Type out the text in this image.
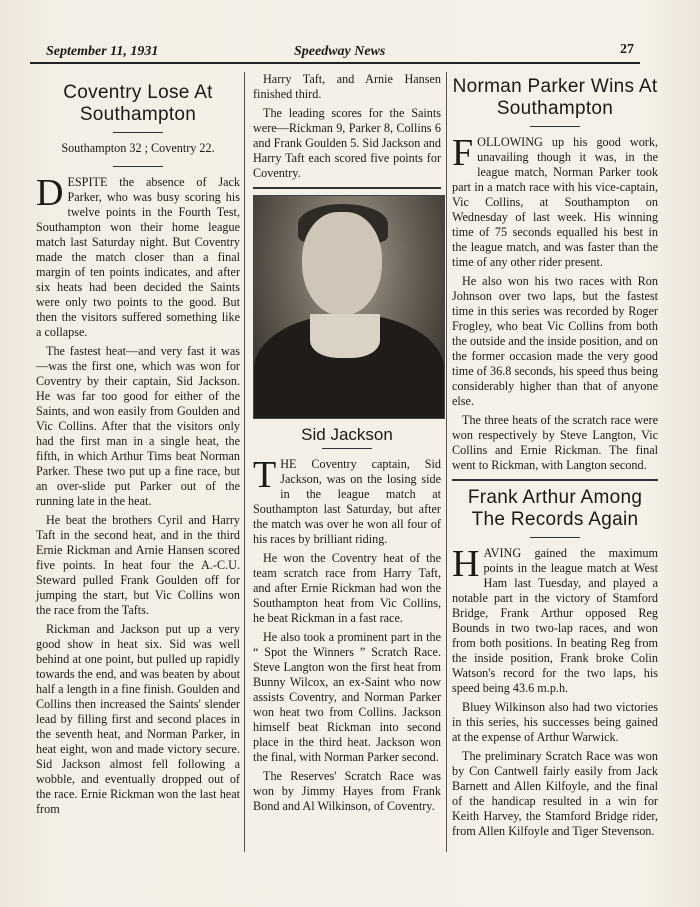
September 11, 1931	Speedway News	27
Coventry Lose At Southampton

Southampton 32 ; Coventry 22.

DESPITE the absence of Jack Parker, who was busy scoring his twelve points in the Fourth Test, Southampton won their home league match last Saturday night. But Coventry made the match closer than a final margin of ten points indicates, and after six heats had been decided the Saints were only two points to the good. But then the visitors suffered something like a collapse.

The fastest heat—and very fast it was—was the first one, which was won for Coventry by their captain, Sid Jackson. He was far too good for either of the Saints, and won easily from Goulden and Vic Collins. After that the visitors only had the first man in a single heat, the fifth, in which Arthur Tims beat Norman Parker. These two put up a fine race, but an over-slide put Parker out of the running late in the heat.

He beat the brothers Cyril and Harry Taft in the second heat, and in the third Ernie Rickman and Arnie Hansen scored five points. In heat four the A.-C.U. Steward pulled Frank Goulden off for jumping the start, but Vic Collins won the race from the Tafts.

Rickman and Jackson put up a very good show in heat six. Sid was well behind at one point, but pulled up rapidly towards the end, and was beaten by about half a length in a fine finish. Goulden and Collins then increased the Saints' slender lead by filling first and second places in the seventh heat, and Norman Parker, in heat eight, won and made victory secure. Sid Jackson almost fell following a wobble, and eventually dropped out of the race. Ernie Rickman won the last heat from

Harry Taft, and Arnie Hansen finished third.

The leading scores for the Saints were—Rickman 9, Parker 8, Collins 6 and Frank Goulden 5. Sid Jackson and Harry Taft each scored five points for Coventry.

Sid Jackson

THE Coventry captain, Sid Jackson, was on the losing side in the league match at Southampton last Saturday, but after the match was over he won all four of his races by brilliant riding.

He won the Coventry heat of the team scratch race from Harry Taft, and after Ernie Rickman had won the Southampton heat from Vic Collins, he beat Rickman in a fast race.

He also took a prominent part in the “ Spot the Winners ” Scratch Race. Steve Langton won the first heat from Bunny Wilcox, an ex-Saint who now assists Coventry, and Norman Parker won heat two from Collins. Jackson himself beat Rickman into second place in the third heat. Jackson won the final, with Norman Parker second.

The Reserves' Scratch Race was won by Jimmy Hayes from Frank Bond and Al Wilkinson, of Coventry.

Norman Parker Wins At Southampton

FOLLOWING up his good work, unavailing though it was, in the league match, Norman Parker took part in a match race with his vice-captain, Vic Collins, at Southampton on Wednesday of last week. His winning time of 75 seconds equalled his best in the league match, and was faster than the time of any other rider present.

He also won his two races with Ron Johnson over two laps, but the fastest time in this series was recorded by Roger Frogley, who beat Vic Collins from both the outside and the inside position, and on the former occasion made the very good time of 36.8 seconds, his speed thus being considerably higher than that of anyone else.

The three heats of the scratch race were won respectively by Steve Langton, Vic Collins and Ernie Rickman. The final went to Rickman, with Langton second.

Frank Arthur Among The Records Again

HAVING gained the maximum points in the league match at West Ham last Tuesday, and played a notable part in the victory of Stamford Bridge, Frank Arthur opposed Reg Bounds in two two-lap races, and won from both positions. In beating Reg from the inside position, Frank broke Colin Watson's record for the two laps, his speed being 43.6 m.p.h.

Bluey Wilkinson also had two victories in this series, his successes being gained at the expense of Arthur Warwick.

The preliminary Scratch Race was won by Con Cantwell fairly easily from Jack Barnett and Allen Kilfoyle, and the final of the handicap resulted in a win for Keith Harvey, the Stamford Bridge rider, from Allen Kilfoyle and Tiger Stevenson.
